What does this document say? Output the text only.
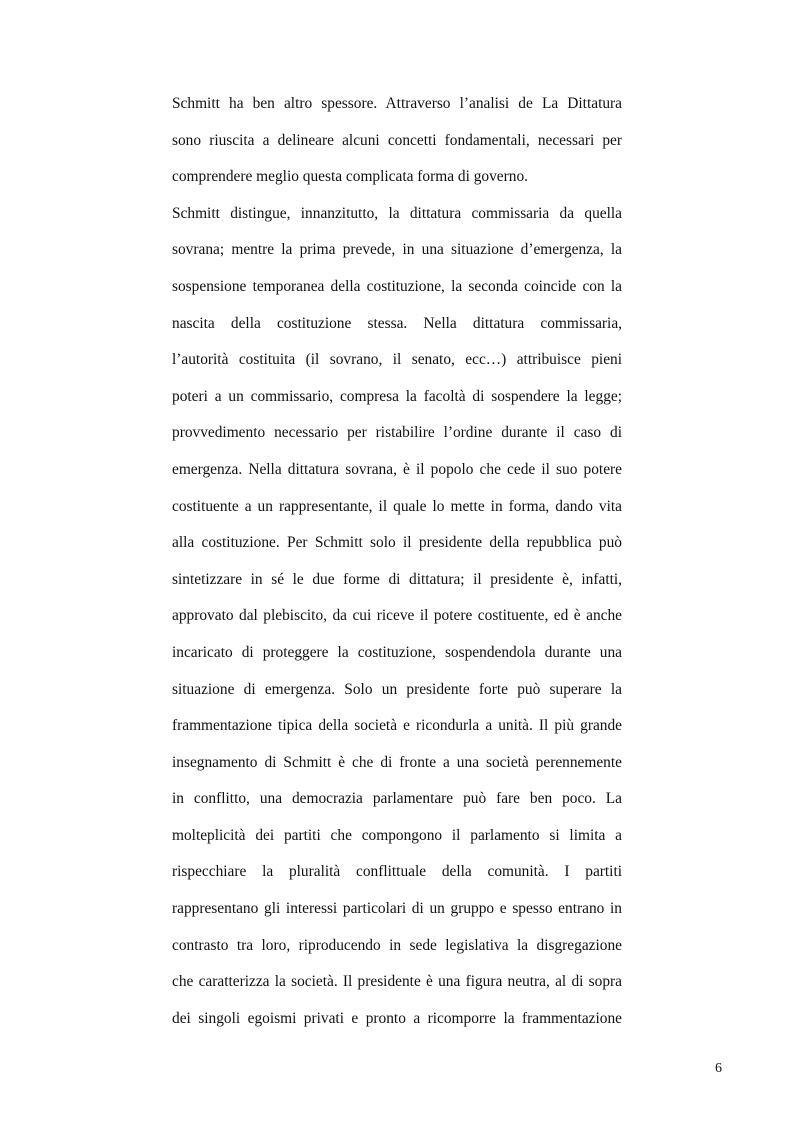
Schmitt ha ben altro spessore. Attraverso l’analisi de La Dittatura
sono riuscita a delineare alcuni concetti fondamentali, necessari per
comprendere meglio questa complicata forma di governo.
Schmitt distingue, innanzitutto, la dittatura commissaria da quella
sovrana; mentre la prima prevede, in una situazione d’emergenza, la
sospensione temporanea della costituzione, la seconda coincide con la
nascita della costituzione stessa. Nella dittatura commissaria,
l’autorità costituita (il sovrano, il senato, ecc…) attribuisce pieni
poteri a un commissario, compresa la facoltà di sospendere la legge;
provvedimento necessario per ristabilire l’ordine durante il caso di
emergenza. Nella dittatura sovrana, è il popolo che cede il suo potere
costituente a un rappresentante, il quale lo mette in forma, dando vita
alla costituzione. Per Schmitt solo il presidente della repubblica può
sintetizzare in sé le due forme di dittatura; il presidente è, infatti,
approvato dal plebiscito, da cui riceve il potere costituente, ed è anche
incaricato di proteggere la costituzione, sospendendola durante una
situazione di emergenza. Solo un presidente forte può superare la
frammentazione tipica della società e ricondurla a unità. Il più grande
insegnamento di Schmitt è che di fronte a una società perennemente
in conflitto, una democrazia parlamentare può fare ben poco. La
molteplicità dei partiti che compongono il parlamento si limita a
rispecchiare la pluralità conflittuale della comunità. I partiti
rappresentano gli interessi particolari di un gruppo e spesso entrano in
contrasto tra loro, riproducendo in sede legislativa la disgregazione
che caratterizza la società. Il presidente è una figura neutra, al di sopra
dei singoli egoismi privati e pronto a ricomporre la frammentazione
6
